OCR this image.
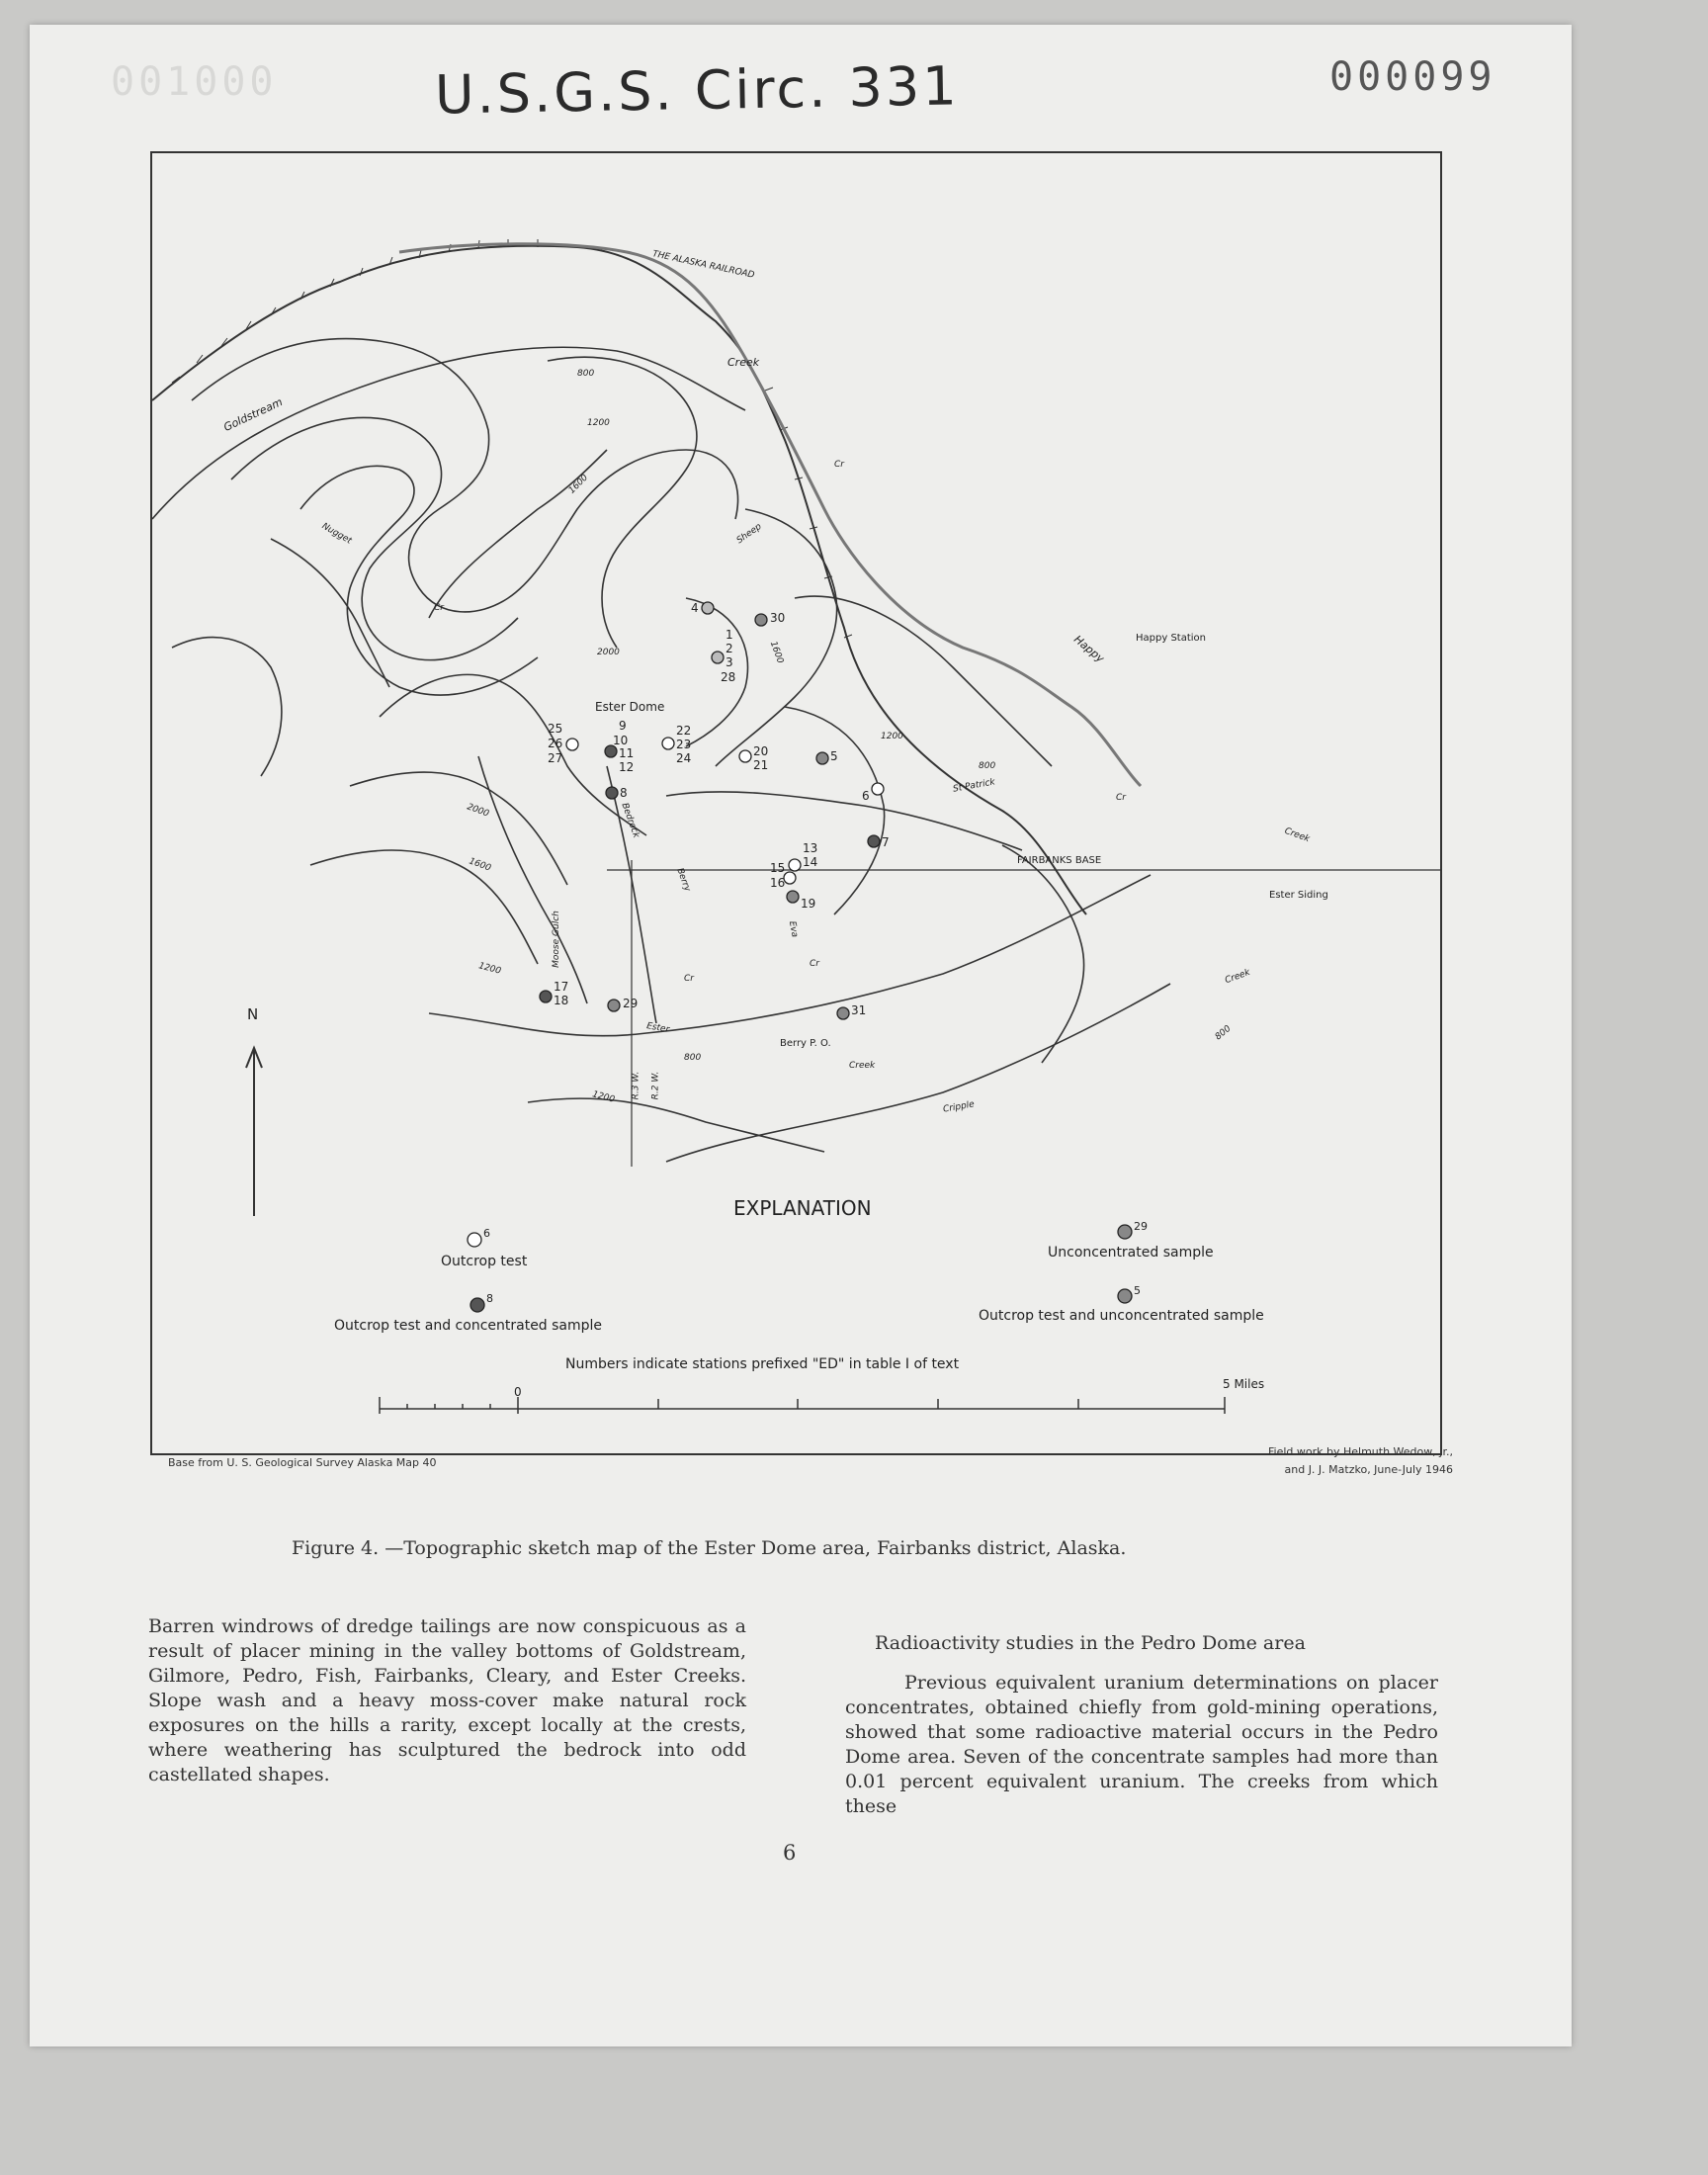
001000	U.S.G.S. Circ. 331	000099
THE ALASKA RAILROAD
Goldstream
Creek
Nugget
Cr
Sheep
Cr
Happy	Happy Station
Ester Dome
St Patrick
Cr
Creek
FAIRBANKS BASE
Ester Siding
Creek
Berry
Bedrock
Cr
Eva
Cr
Moose Gulch
Berry P. O.
Ester
Creek
Cripple
R.3 W. R.2 W.
800
1200
1600
1600
1200
800
2000
2000
1600
1200
800
1200
800
4
30
1
2
3
28
25
26
27
9
10
11
12
8
22
23
24	20
21
5
6
7
13
14
15
16
19
17
18	29	31
N
EXPLANATION
6
Outcrop test
8
Outcrop test and concentrated sample
29
Unconcentrated sample
5
Outcrop test and unconcentrated sample
Numbers indicate stations prefixed "ED" in table I of text
0
5 Miles
Base from U. S. Geological Survey Alaska Map 40
Field work by Helmuth Wedow, Jr.,
and J. J. Matzko, June-July 1946
Figure 4. —Topographic sketch map of the Ester Dome area, Fairbanks district, Alaska.

Barren windrows of dredge tailings are now conspicuous as a result of placer mining in the valley bottoms of Goldstream, Gilmore, Pedro, Fish, Fairbanks, Cleary, and Ester Creeks. Slope wash and a heavy moss-cover make natural rock exposures on the hills a rarity, except locally at the crests, where weathering has sculptured the bedrock into odd castellated shapes.

Radioactivity studies in the Pedro Dome area

Previous equivalent uranium determinations on placer concentrates, obtained chiefly from gold-mining operations, showed that some radioactive material occurs in the Pedro Dome area. Seven of the concentrate samples had more than 0.01 percent equivalent uranium. The creeks from which these

6
